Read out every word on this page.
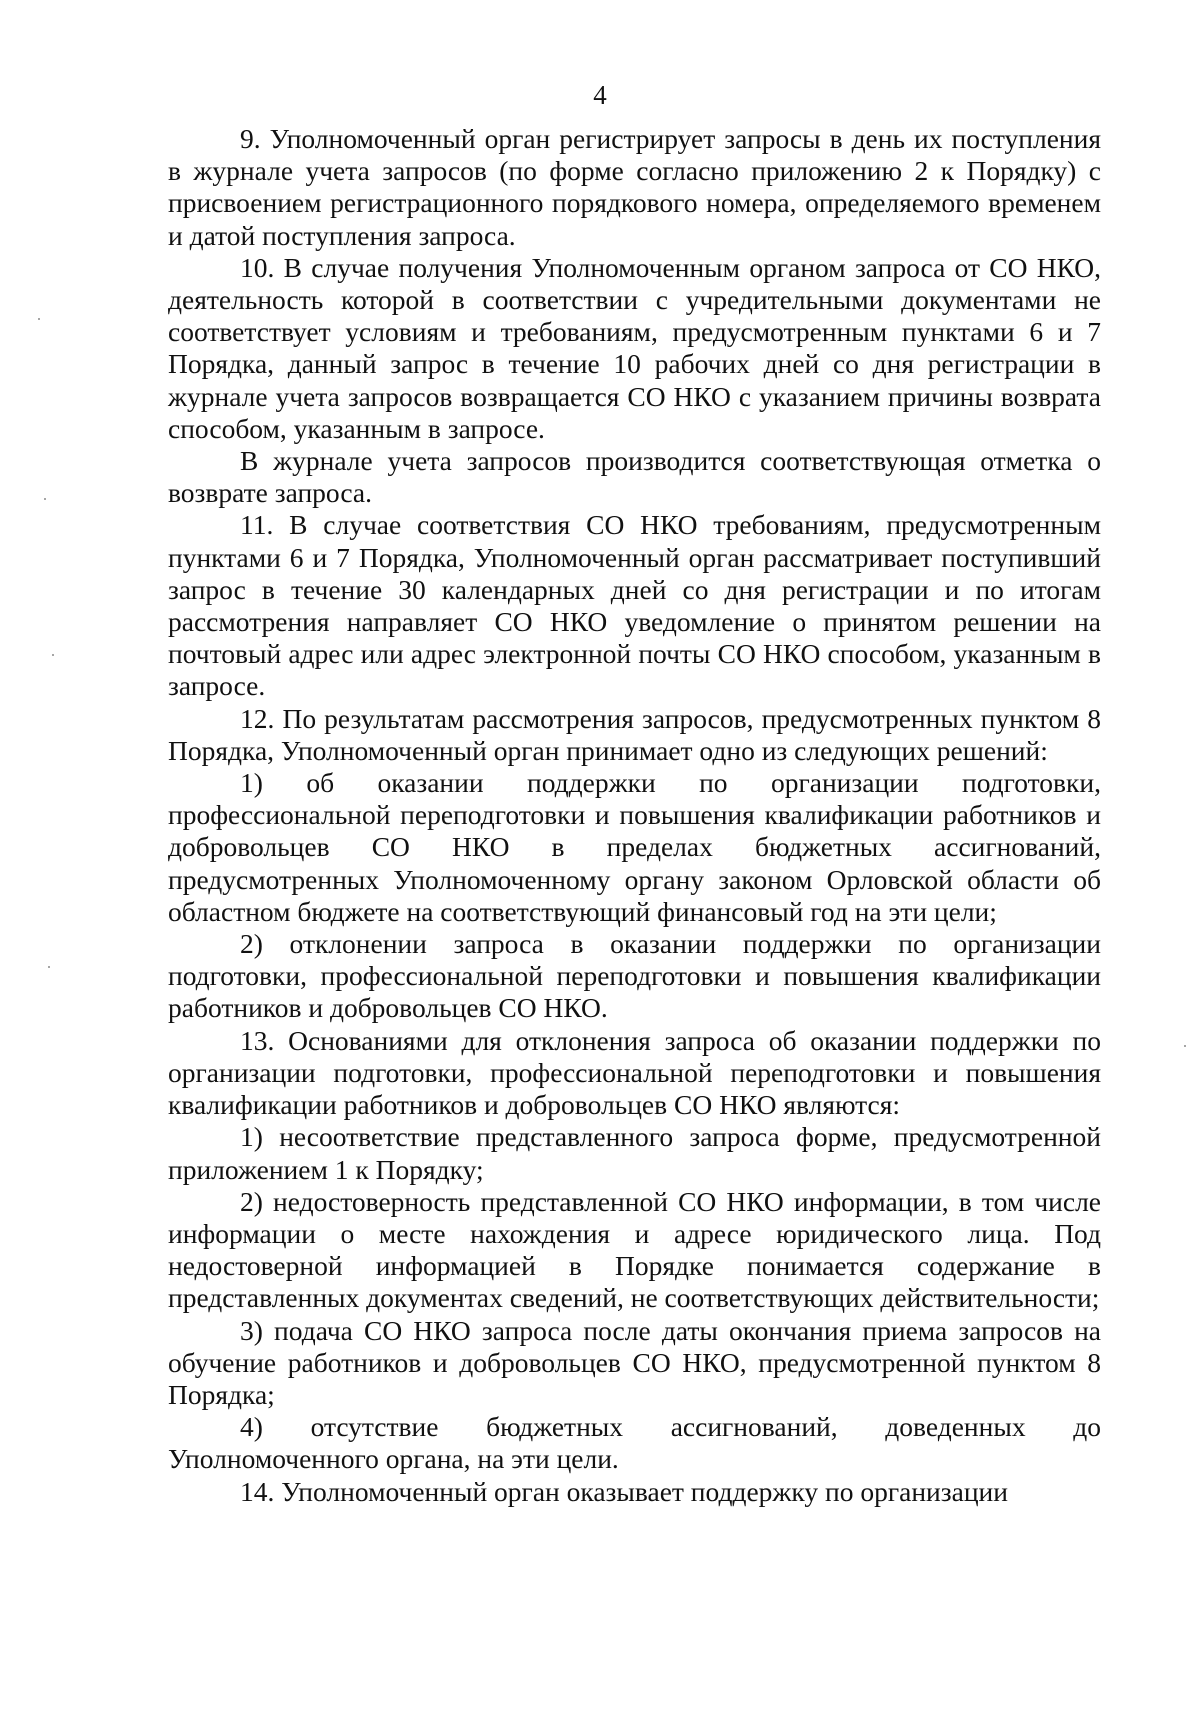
4

9. Уполномоченный орган регистрирует запросы в день их поступления в журнале учета запросов (по форме согласно приложению 2 к Порядку) с присвоением регистрационного порядкового номера, определяемого временем и датой поступления запроса.

10. В случае получения Уполномоченным органом запроса от СО НКО, деятельность которой в соответствии с учредительными документами не соответствует условиям и требованиям, предусмотренным пунктами 6 и 7 Порядка, данный запрос в течение 10 рабочих дней со дня регистрации в журнале учета запросов возвращается СО НКО с указанием причины возврата способом, указанным в запросе.

В журнале учета запросов производится соответствующая отметка о возврате запроса.

11. В случае соответствия СО НКО требованиям, предусмотренным пунктами 6 и 7 Порядка, Уполномоченный орган рассматривает поступивший запрос в течение 30 календарных дней со дня регистрации и по итогам рассмотрения направляет СО НКО уведомление о принятом решении на почтовый адрес или адрес электронной почты СО НКО способом, указанным в запросе.

12. По результатам рассмотрения запросов, предусмотренных пунктом 8 Порядка, Уполномоченный орган принимает одно из следующих решений:

1) об оказании поддержки по организации подготовки, профессиональной переподготовки и повышения квалификации работников и добровольцев СО НКО в пределах бюджетных ассигнований, предусмотренных Уполномоченному органу законом Орловской области об областном бюджете на соответствующий финансовый год на эти цели;

2) отклонении запроса в оказании поддержки по организации подготовки, профессиональной переподготовки и повышения квалификации работников и добровольцев СО НКО.

13. Основаниями для отклонения запроса об оказании поддержки по организации подготовки, профессиональной переподготовки и повышения квалификации работников и добровольцев СО НКО являются:

1) несоответствие представленного запроса форме, предусмотренной приложением 1 к Порядку;

2) недостоверность представленной СО НКО информации, в том числе информации о месте нахождения и адресе юридического лица. Под недостоверной информацией в Порядке понимается содержание в представленных документах сведений, не соответствующих действительности;

3) подача СО НКО запроса после даты окончания приема запросов на обучение работников и добровольцев СО НКО, предусмотренной пунктом 8 Порядка;

4) отсутствие бюджетных ассигнований, доведенных до Уполномоченного органа, на эти цели.

14. Уполномоченный орган оказывает поддержку по организации
